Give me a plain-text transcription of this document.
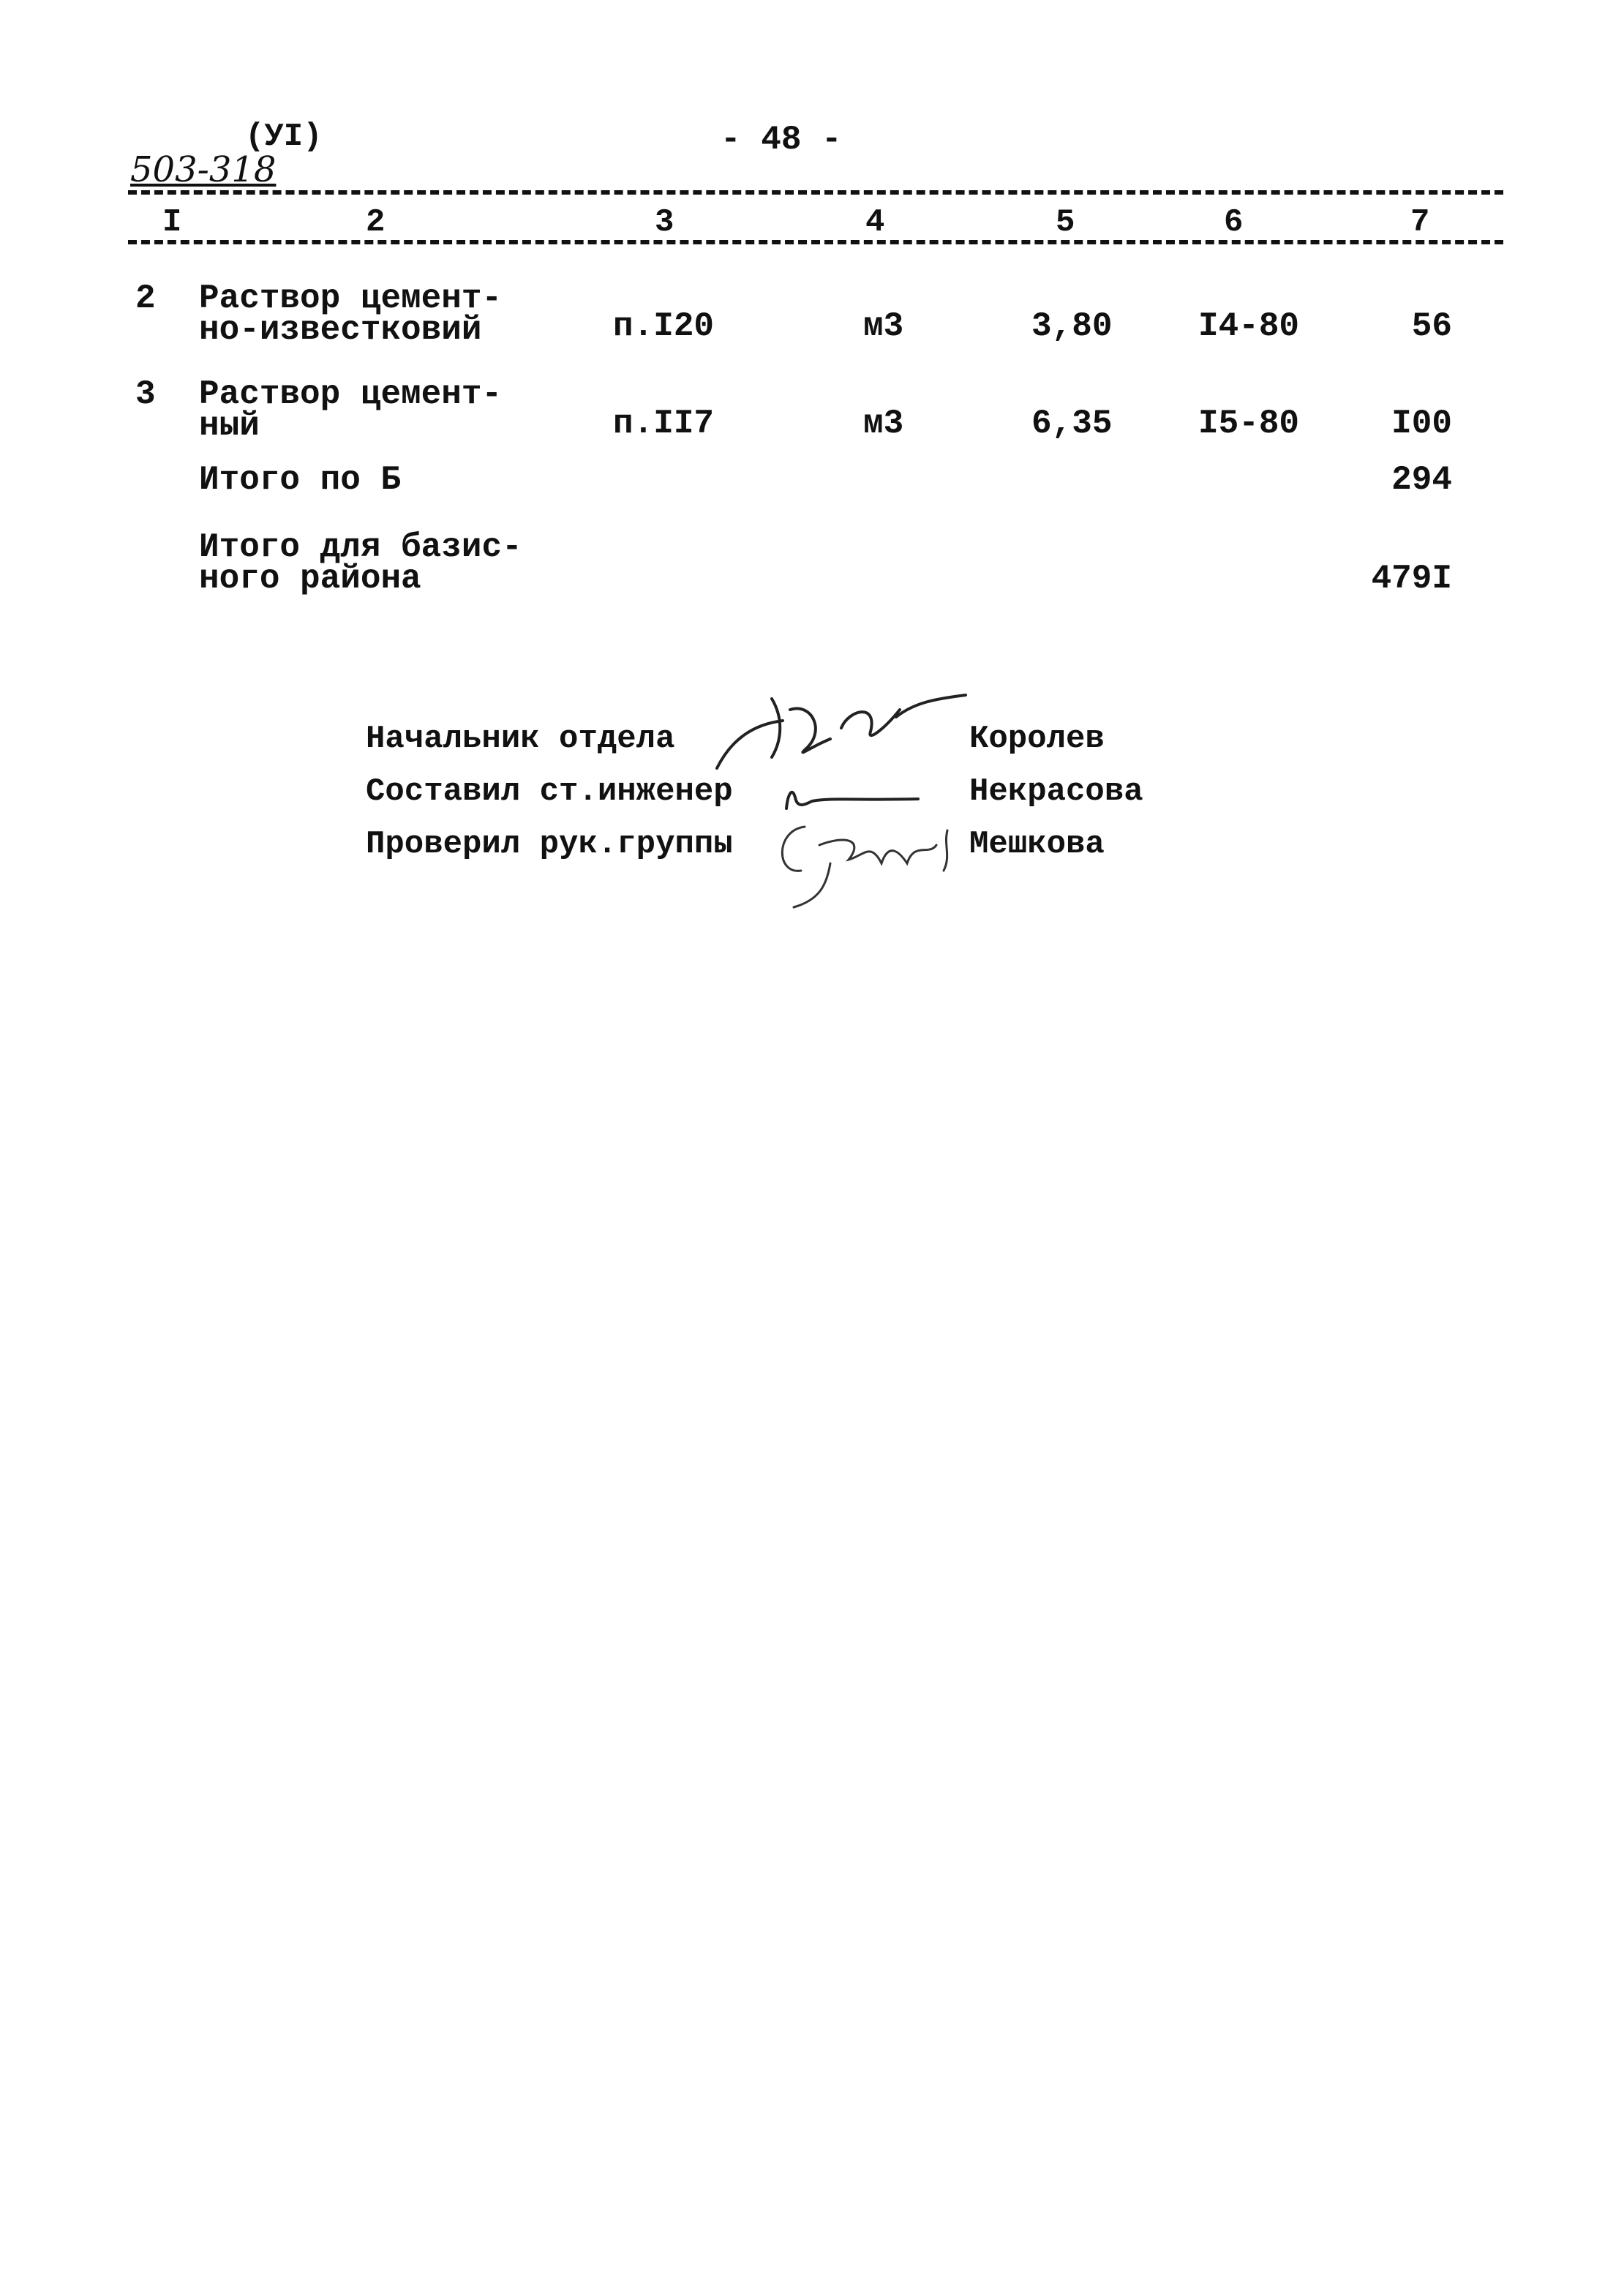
(УI)
503-318
- 48 -
I	2	3	4	5	6	7
2 Раствор цемент-
но-известковий	п.I20	м3	3,80	I4-80	56
3 Раствор цемент-
ный	п.II7	м3	6,35	I5-80	I00
Итого по Б	294
Итого для базис-
ного района	479I
Начальник отдела	Королев
Составил ст.инженер	Некрасова
Проверил рук.группы	Мешкова
